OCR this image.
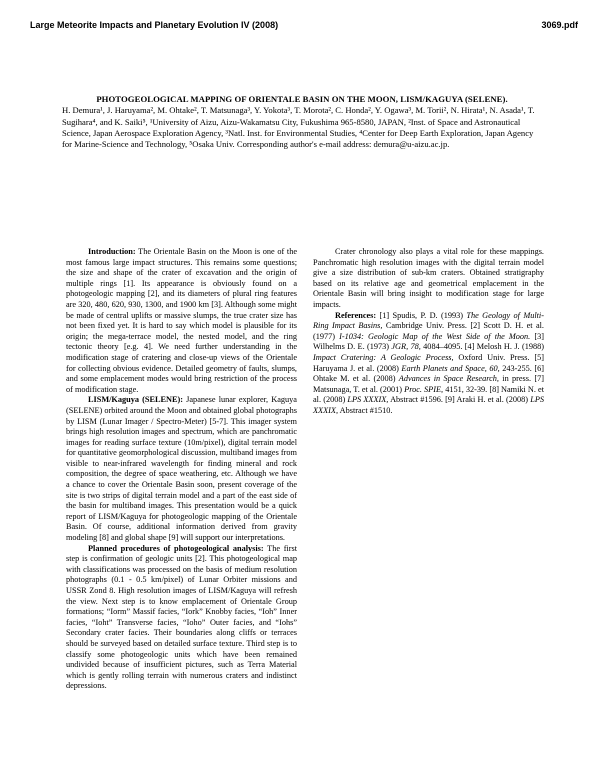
Large Meteorite Impacts and Planetary Evolution IV (2008)	3069.pdf
PHOTOGEOLOGICAL MAPPING OF ORIENTALE BASIN ON THE MOON, LISM/KAGUYA (SELENE).
H. Demura¹, J. Haruyama², M. Ohtake², T. Matsunaga³, Y. Yokota³, T. Morota², C. Honda², Y. Ogawa³, M. Torii², N. Hirata¹, N. Asada¹, T. Sugihara⁴, and K. Saiki⁵, ¹University of Aizu, Aizu-Wakamatsu City, Fukushima 965-8580, JAPAN, ²Inst. of Space and Astronautical Science, Japan Aerospace Exploration Agency, ³Natl. Inst. for Environmental Studies, ⁴Center for Deep Earth Exploration, Japan Agency for Marine-Science and Technology, ⁵Osaka Univ. Corresponding author's e-mail address: demura@u-aizu.ac.jp.

Introduction: The Orientale Basin on the Moon is one of the most famous large impact structures. This remains some questions; the size and shape of the crater of excavation and the origin of multiple rings [1]. Its appearance is obviously found on a photogeologic mapping [2], and its diameters of plural ring features are 320, 480, 620, 930, 1300, and 1900 km [3]. Although some might be made of central uplifts or massive slumps, the true crater size has not been fixed yet. It is hard to say which model is plausible for its origin; the mega-terrace model, the nested model, and the ring tectonic theory [e.g. 4]. We need further understanding in the modification stage of cratering and close-up views of the Orientale for collecting obvious evidence. Detailed geometry of faults, slumps, and some emplacement modes would bring restriction of the process of modification stage.

LISM/Kaguya (SELENE): Japanese lunar explorer, Kaguya (SELENE) orbited around the Moon and obtained global photographs by LISM (Lunar Imager / Spectro-Meter) [5-7]. This imager system brings high resolution images and spectrum, which are panchromatic images for reading surface texture (10m/pixel), digital terrain model for quantitative geomorphological discussion, multiband images from visible to near-infrared wavelength for finding mineral and rock composition, the degree of space weathering, etc. Although we have a chance to cover the Orientale Basin soon, present coverage of the site is two strips of digital terrain model and a part of the east side of the basin for multiband images. This presentation would be a quick report of LISM/Kaguya for photogeologic mapping of the Orientale Basin. Of course, additional information derived from gravity modeling [8] and global shape [9] will support our interpretations.

Planned procedures of photogeological analysis: The first step is confirmation of geologic units [2]. This photogeological map with classifications was processed on the basis of medium resolution photographs (0.1 - 0.5 km/pixel) of Lunar Orbiter missions and USSR Zond 8. High resolution images of LISM/Kaguya will refresh the view. Next step is to know emplacement of Orientale Group formations; “Iorm” Massif facies, “Iork” Knobby facies, “Ioh” Inner facies, “Ioht” Transverse facies, “Ioho” Outer facies, and “Iohs” Secondary crater facies. Their boundaries along cliffs or terraces should be surveyed based on detailed surface texture. Third step is to classify some photogeologic units which have been remained undivided because of insufficient pictures, such as Terra Material which is gently rolling terrain with numerous craters and indistinct depressions.

Crater chronology also plays a vital role for these mappings. Panchromatic high resolution images with the digital terrain model give a size distribution of sub-km craters. Obtained stratigraphy based on its relative age and geometrical emplacement in the Orientale Basin will bring insight to modification stage for large impacts.

References: [1] Spudis, P. D. (1993) The Geology of Multi-Ring Impact Basins, Cambridge Univ. Press. [2] Scott D. H. et al. (1977) I-1034: Geologic Map of the West Side of the Moon. [3] Wilhelms D. E. (1973) JGR, 78, 4084–4095. [4] Melosh H. J. (1988) Impact Cratering: A Geologic Process, Oxford Univ. Press. [5] Haruyama J. et al. (2008) Earth Planets and Space, 60, 243-255. [6] Ohtake M. et al. (2008) Advances in Space Research, in press. [7] Matsunaga, T. et al. (2001) Proc. SPIE, 4151, 32-39. [8] Namiki N. et al. (2008) LPS XXXIX, Abstract #1596. [9] Araki H. et al. (2008) LPS XXXIX, Abstract #1510.
